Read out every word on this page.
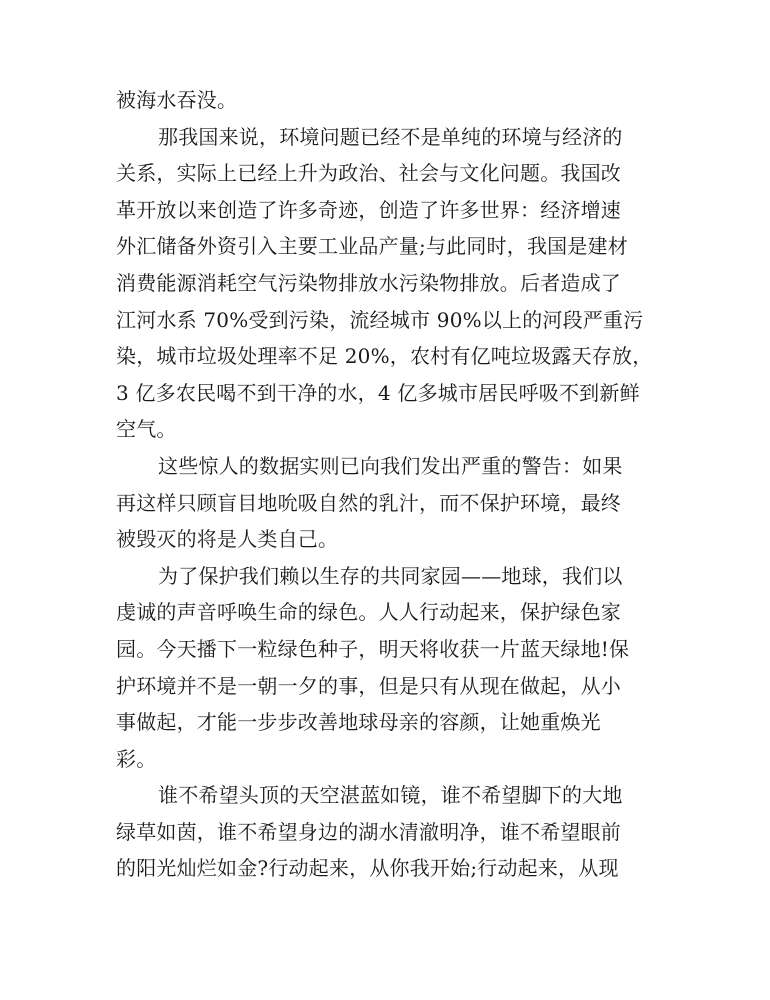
被海水吞没。
那我国来说，环境问题已经不是单纯的环境与经济的
关系，实际上已经上升为政治、社会与文化问题。我国改
革开放以来创造了许多奇迹，创造了许多世界：经济增速
外汇储备外资引入主要工业品产量;与此同时，我国是建材
消费能源消耗空气污染物排放水污染物排放。后者造成了
江河水系 70%受到污染，流经城市 90%以上的河段严重污
染，城市垃圾处理率不足 20%，农村有亿吨垃圾露天存放，
3 亿多农民喝不到干净的水，4 亿多城市居民呼吸不到新鲜
空气。
这些惊人的数据实则已向我们发出严重的警告：如果
再这样只顾盲目地吮吸自然的乳汁，而不保护环境，最终
被毁灭的将是人类自己。
为了保护我们赖以生存的共同家园——地球，我们以
虔诚的声音呼唤生命的绿色。人人行动起来，保护绿色家
园。今天播下一粒绿色种子，明天将收获一片蓝天绿地!保
护环境并不是一朝一夕的事，但是只有从现在做起，从小
事做起，才能一步步改善地球母亲的容颜，让她重焕光
彩。
谁不希望头顶的天空湛蓝如镜，谁不希望脚下的大地
绿草如茵，谁不希望身边的湖水清澈明净，谁不希望眼前
的阳光灿烂如金?行动起来，从你我开始;行动起来，从现
